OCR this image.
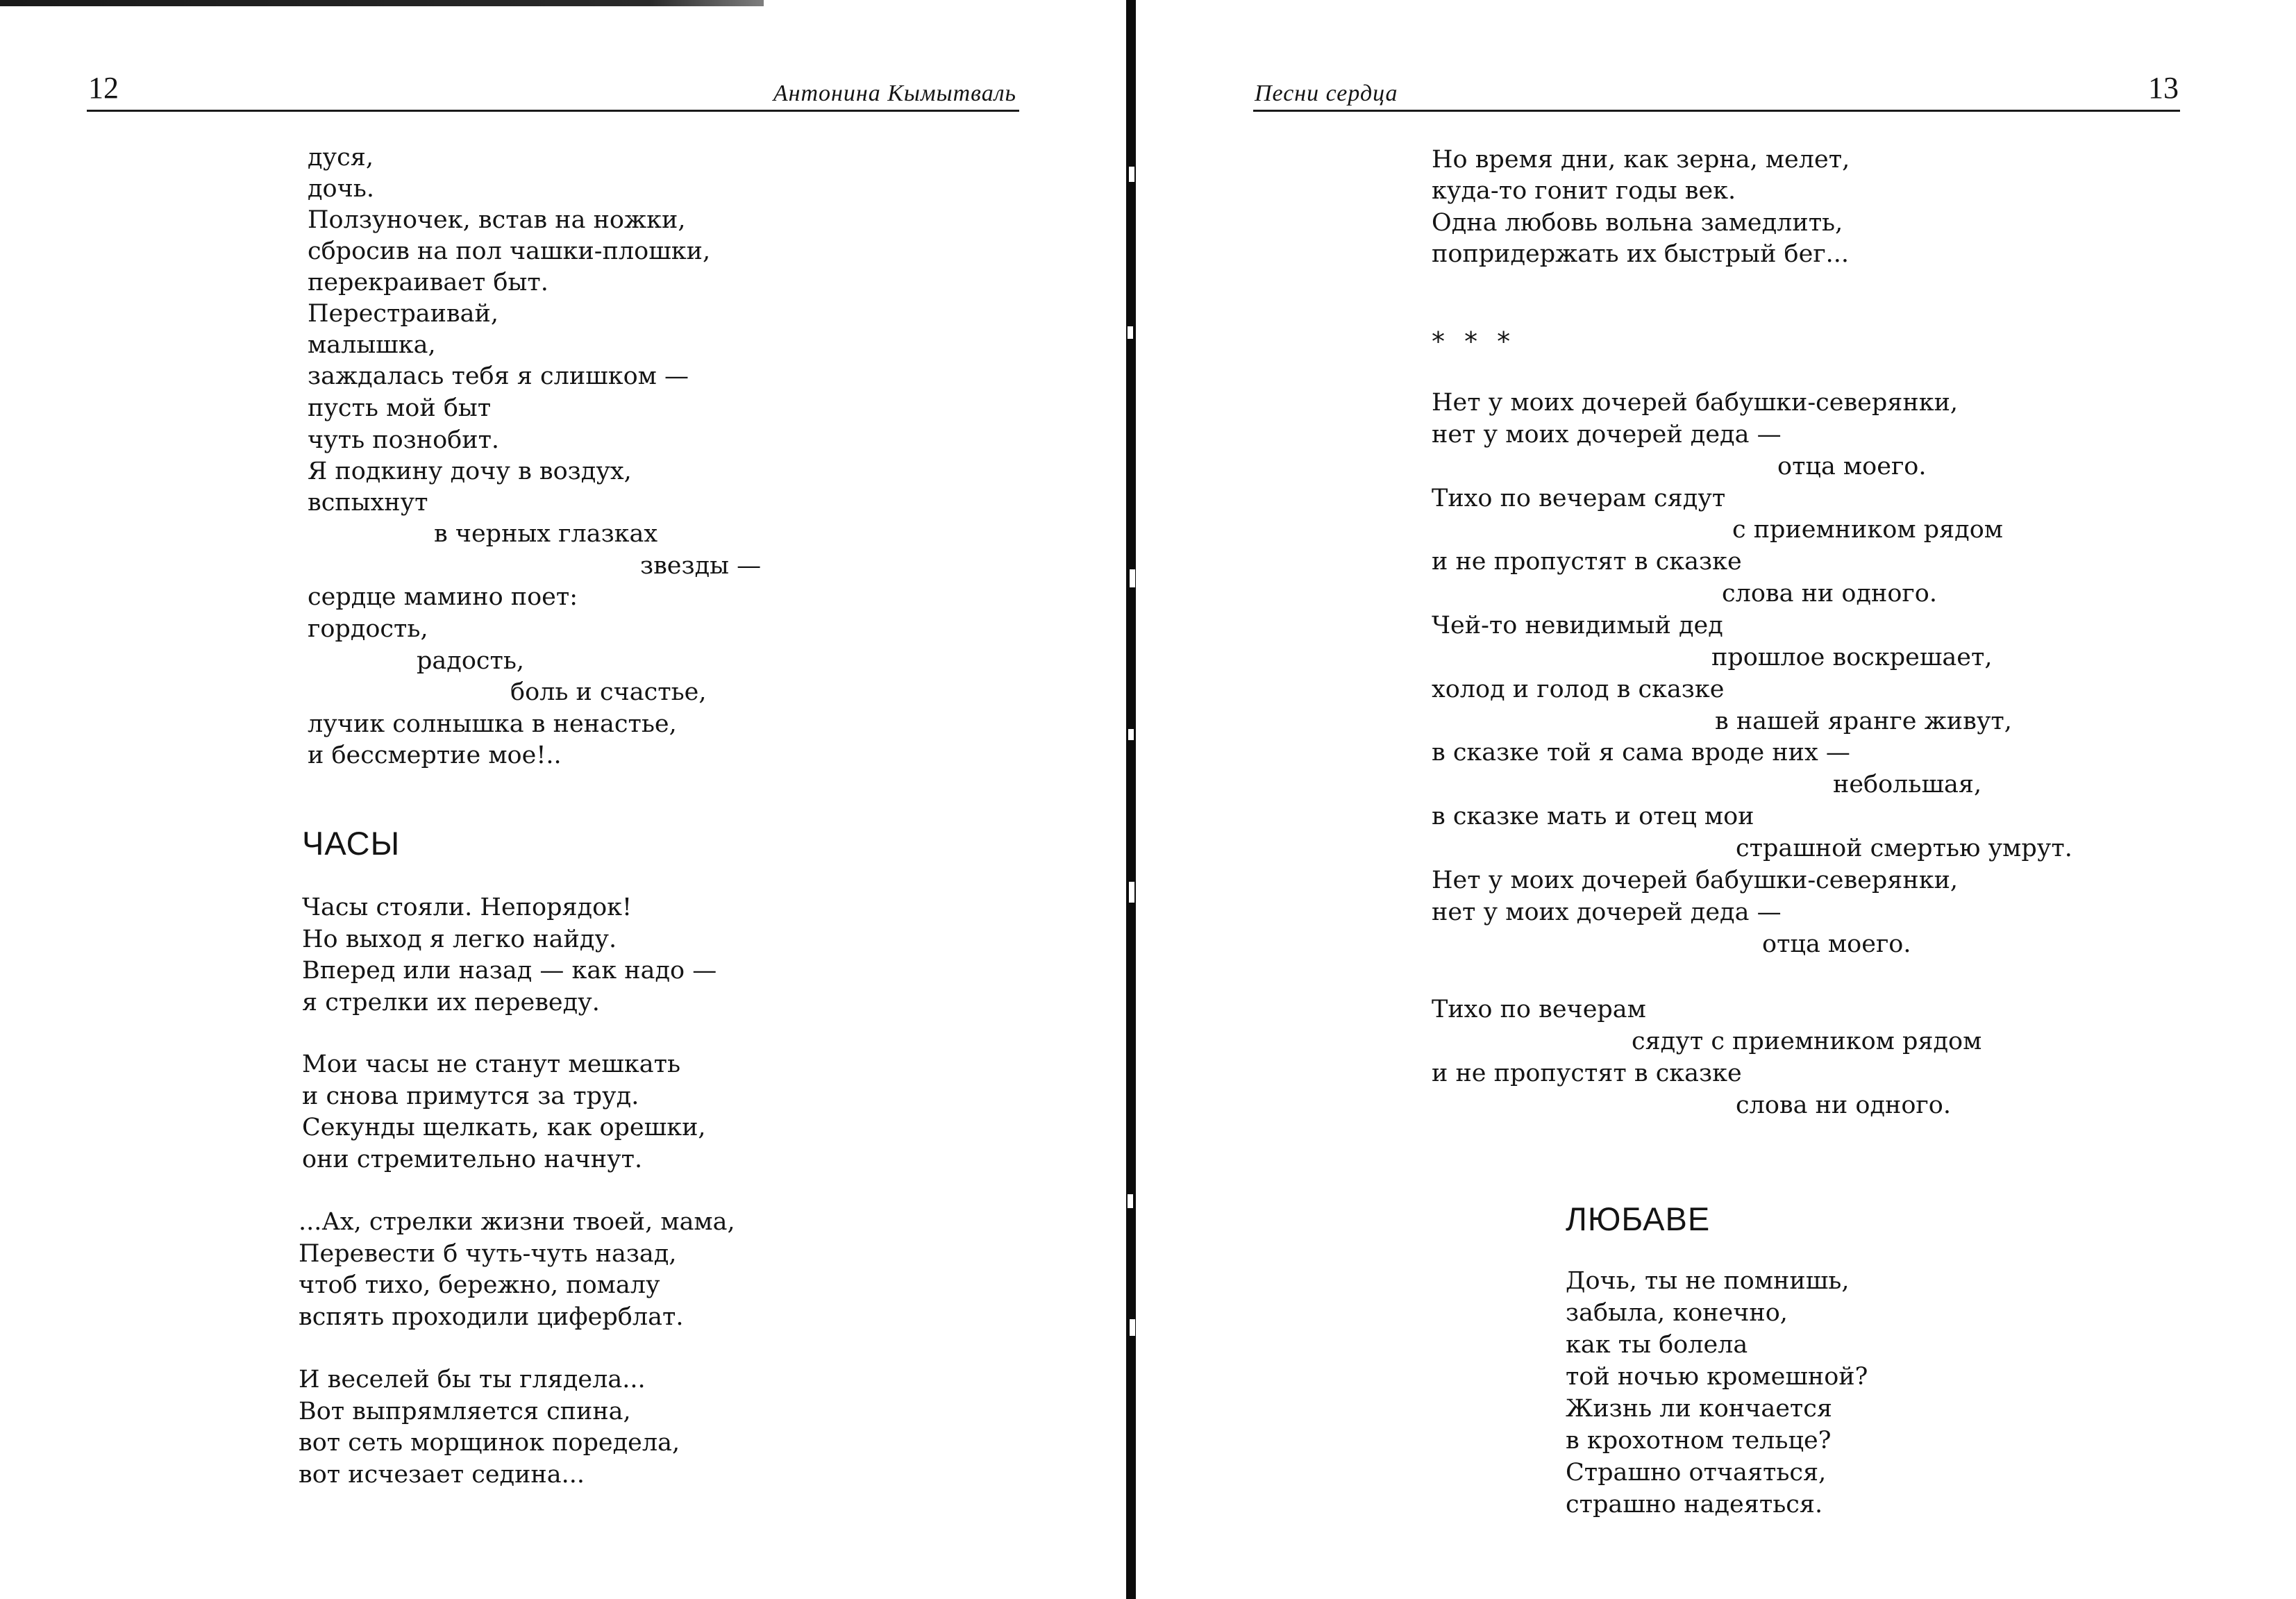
12	Антонина Кымытваль
дуся,
дочь.
Ползуночек, встав на ножки,
сбросив на пол чашки-плошки,
перекраивает быт.
Перестраивай,
малышка,
заждалась тебя я слишком —
пусть мой быт
чуть познобит.
Я подкину дочу в воздух,
вспыхнут
в черных глазках
звезды —
сердце мамино поет:
гордость,
радость,
боль и счастье,
лучик солнышка в ненастье,
и бессмертие мое!..
ЧАСЫ
Часы стояли. Непорядок!
Но выход я легко найду.
Вперед или назад — как надо —
я стрелки их переведу.
Мои часы не станут мешкать
и снова примутся за труд.
Секунды щелкать, как орешки,
они стремительно начнут.
...Ах, стрелки жизни твоей, мама,
Перевести б чуть-чуть назад,
чтоб тихо, бережно, помалу
вспять проходили циферблат.
И веселей бы ты глядела...
Вот выпрямляется спина,
вот сеть морщинок поредела,
вот исчезает седина...
Песни сердца	13
Но время дни, как зерна, мелет,
куда-то гонит годы век.
Одна любовь вольна замедлить,
попридержать их быстрый бег...
* * *
Нет у моих дочерей бабушки-северянки,
нет у моих дочерей деда —
отца моего.
Тихо по вечерам сядут
с приемником рядом
и не пропустят в сказке
слова ни одного.
Чей-то невидимый дед
прошлое воскрешает,
холод и голод в сказке
в нашей яранге живут,
в сказке той я сама вроде них —
небольшая,
в сказке мать и отец мои
страшной смертью умрут.
Нет у моих дочерей бабушки-северянки,
нет у моих дочерей деда —
отца моего.
Тихо по вечерам
сядут с приемником рядом
и не пропустят в сказке
слова ни одного.
ЛЮБАВЕ
Дочь, ты не помнишь,
забыла, конечно,
как ты болела
той ночью кромешной?
Жизнь ли кончается
в крохотном тельце?
Страшно отчаяться,
страшно надеяться.
